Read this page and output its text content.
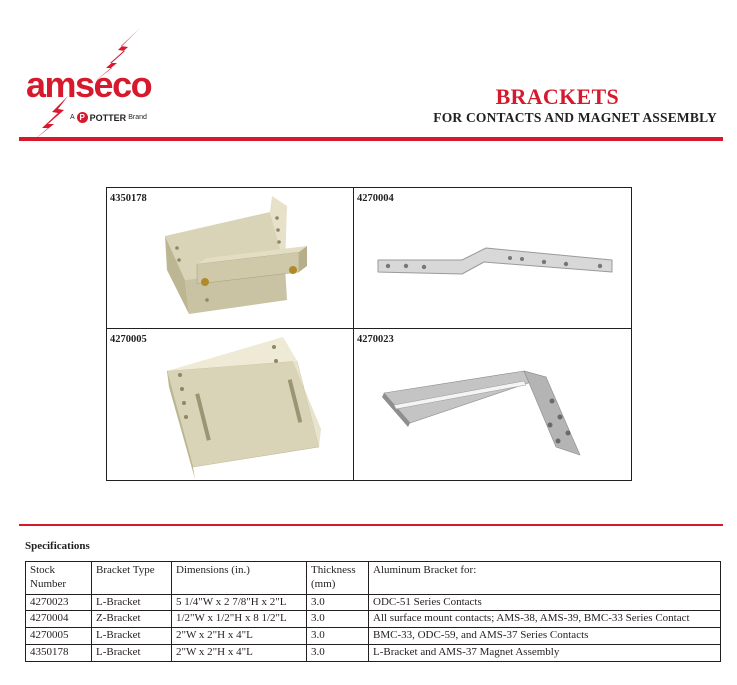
amseco
A P POTTER Brand
BRACKETS
FOR CONTACTS AND MAGNET ASSEMBLY
4350178	4270004
4270005	4270023
Specifications
Stock Number	Bracket Type	Dimensions (in.)	Thickness (mm)	Aluminum Bracket for:
4270023	L-Bracket	5 1/4"W x 2 7/8"H x 2"L	3.0	ODC-51 Series Contacts
4270004	Z-Bracket	1/2"W x 1/2"H x 8 1/2"L	3.0	All surface mount contacts; AMS-38, AMS-39, BMC-33 Series Contact
4270005	L-Bracket	2"W x 2"H x 4"L	3.0	BMC-33, ODC-59, and AMS-37 Series Contacts
4350178	L-Bracket	2"W x 2"H x 4"L	3.0	L-Bracket and AMS-37 Magnet Assembly
